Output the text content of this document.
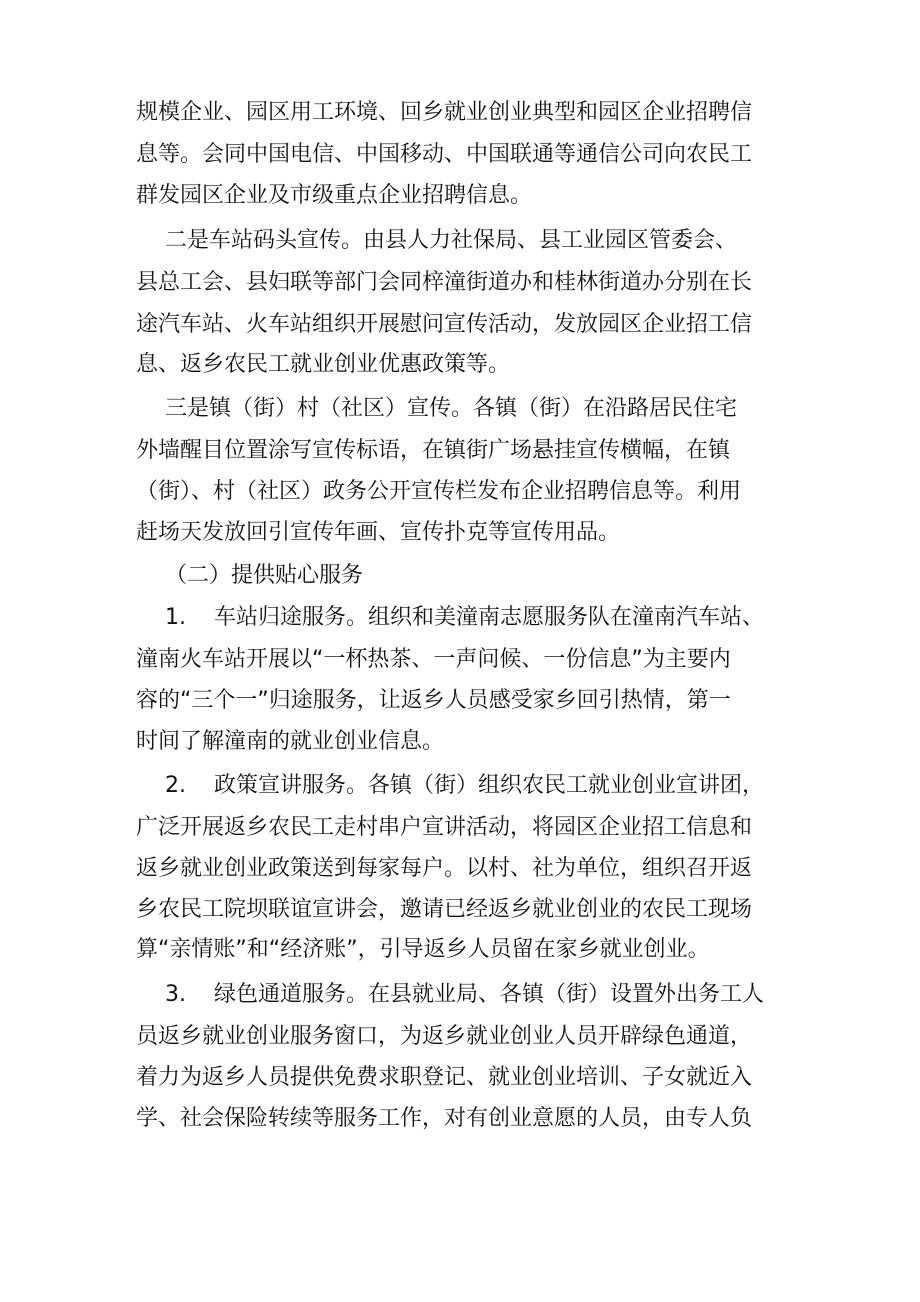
规模企业、园区用工环境、回乡就业创业典型和园区企业招聘信
息等。会同中国电信、中国移动、中国联通等通信公司向农民工
群发园区企业及市级重点企业招聘信息。
二是车站码头宣传。由县人力社保局、县工业园区管委会、
县总工会、县妇联等部门会同梓潼街道办和桂林街道办分别在长
途汽车站、火车站组织开展慰问宣传活动，发放园区企业招工信
息、返乡农民工就业创业优惠政策等。
三是镇（街）村（社区）宣传。各镇（街）在沿路居民住宅
外墙醒目位置涂写宣传标语，在镇街广场悬挂宣传横幅，在镇
（街）、村（社区）政务公开宣传栏发布企业招聘信息等。利用
赶场天发放回引宣传年画、宣传扑克等宣传用品。
（二）提供贴心服务
1.    车站归途服务。组织和美潼南志愿服务队在潼南汽车站、
潼南火车站开展以“一杯热茶、一声问候、一份信息”为主要内
容的“三个一”归途服务，让返乡人员感受家乡回引热情，第一
时间了解潼南的就业创业信息。
2.    政策宣讲服务。各镇（街）组织农民工就业创业宣讲团，
广泛开展返乡农民工走村串户宣讲活动，将园区企业招工信息和
返乡就业创业政策送到每家每户。以村、社为单位，组织召开返
乡农民工院坝联谊宣讲会，邀请已经返乡就业创业的农民工现场
算“亲情账”和“经济账”，引导返乡人员留在家乡就业创业。
3.    绿色通道服务。在县就业局、各镇（街）设置外出务工人
员返乡就业创业服务窗口，为返乡就业创业人员开辟绿色通道，
着力为返乡人员提供免费求职登记、就业创业培训、子女就近入
学、社会保险转续等服务工作，对有创业意愿的人员，由专人负
